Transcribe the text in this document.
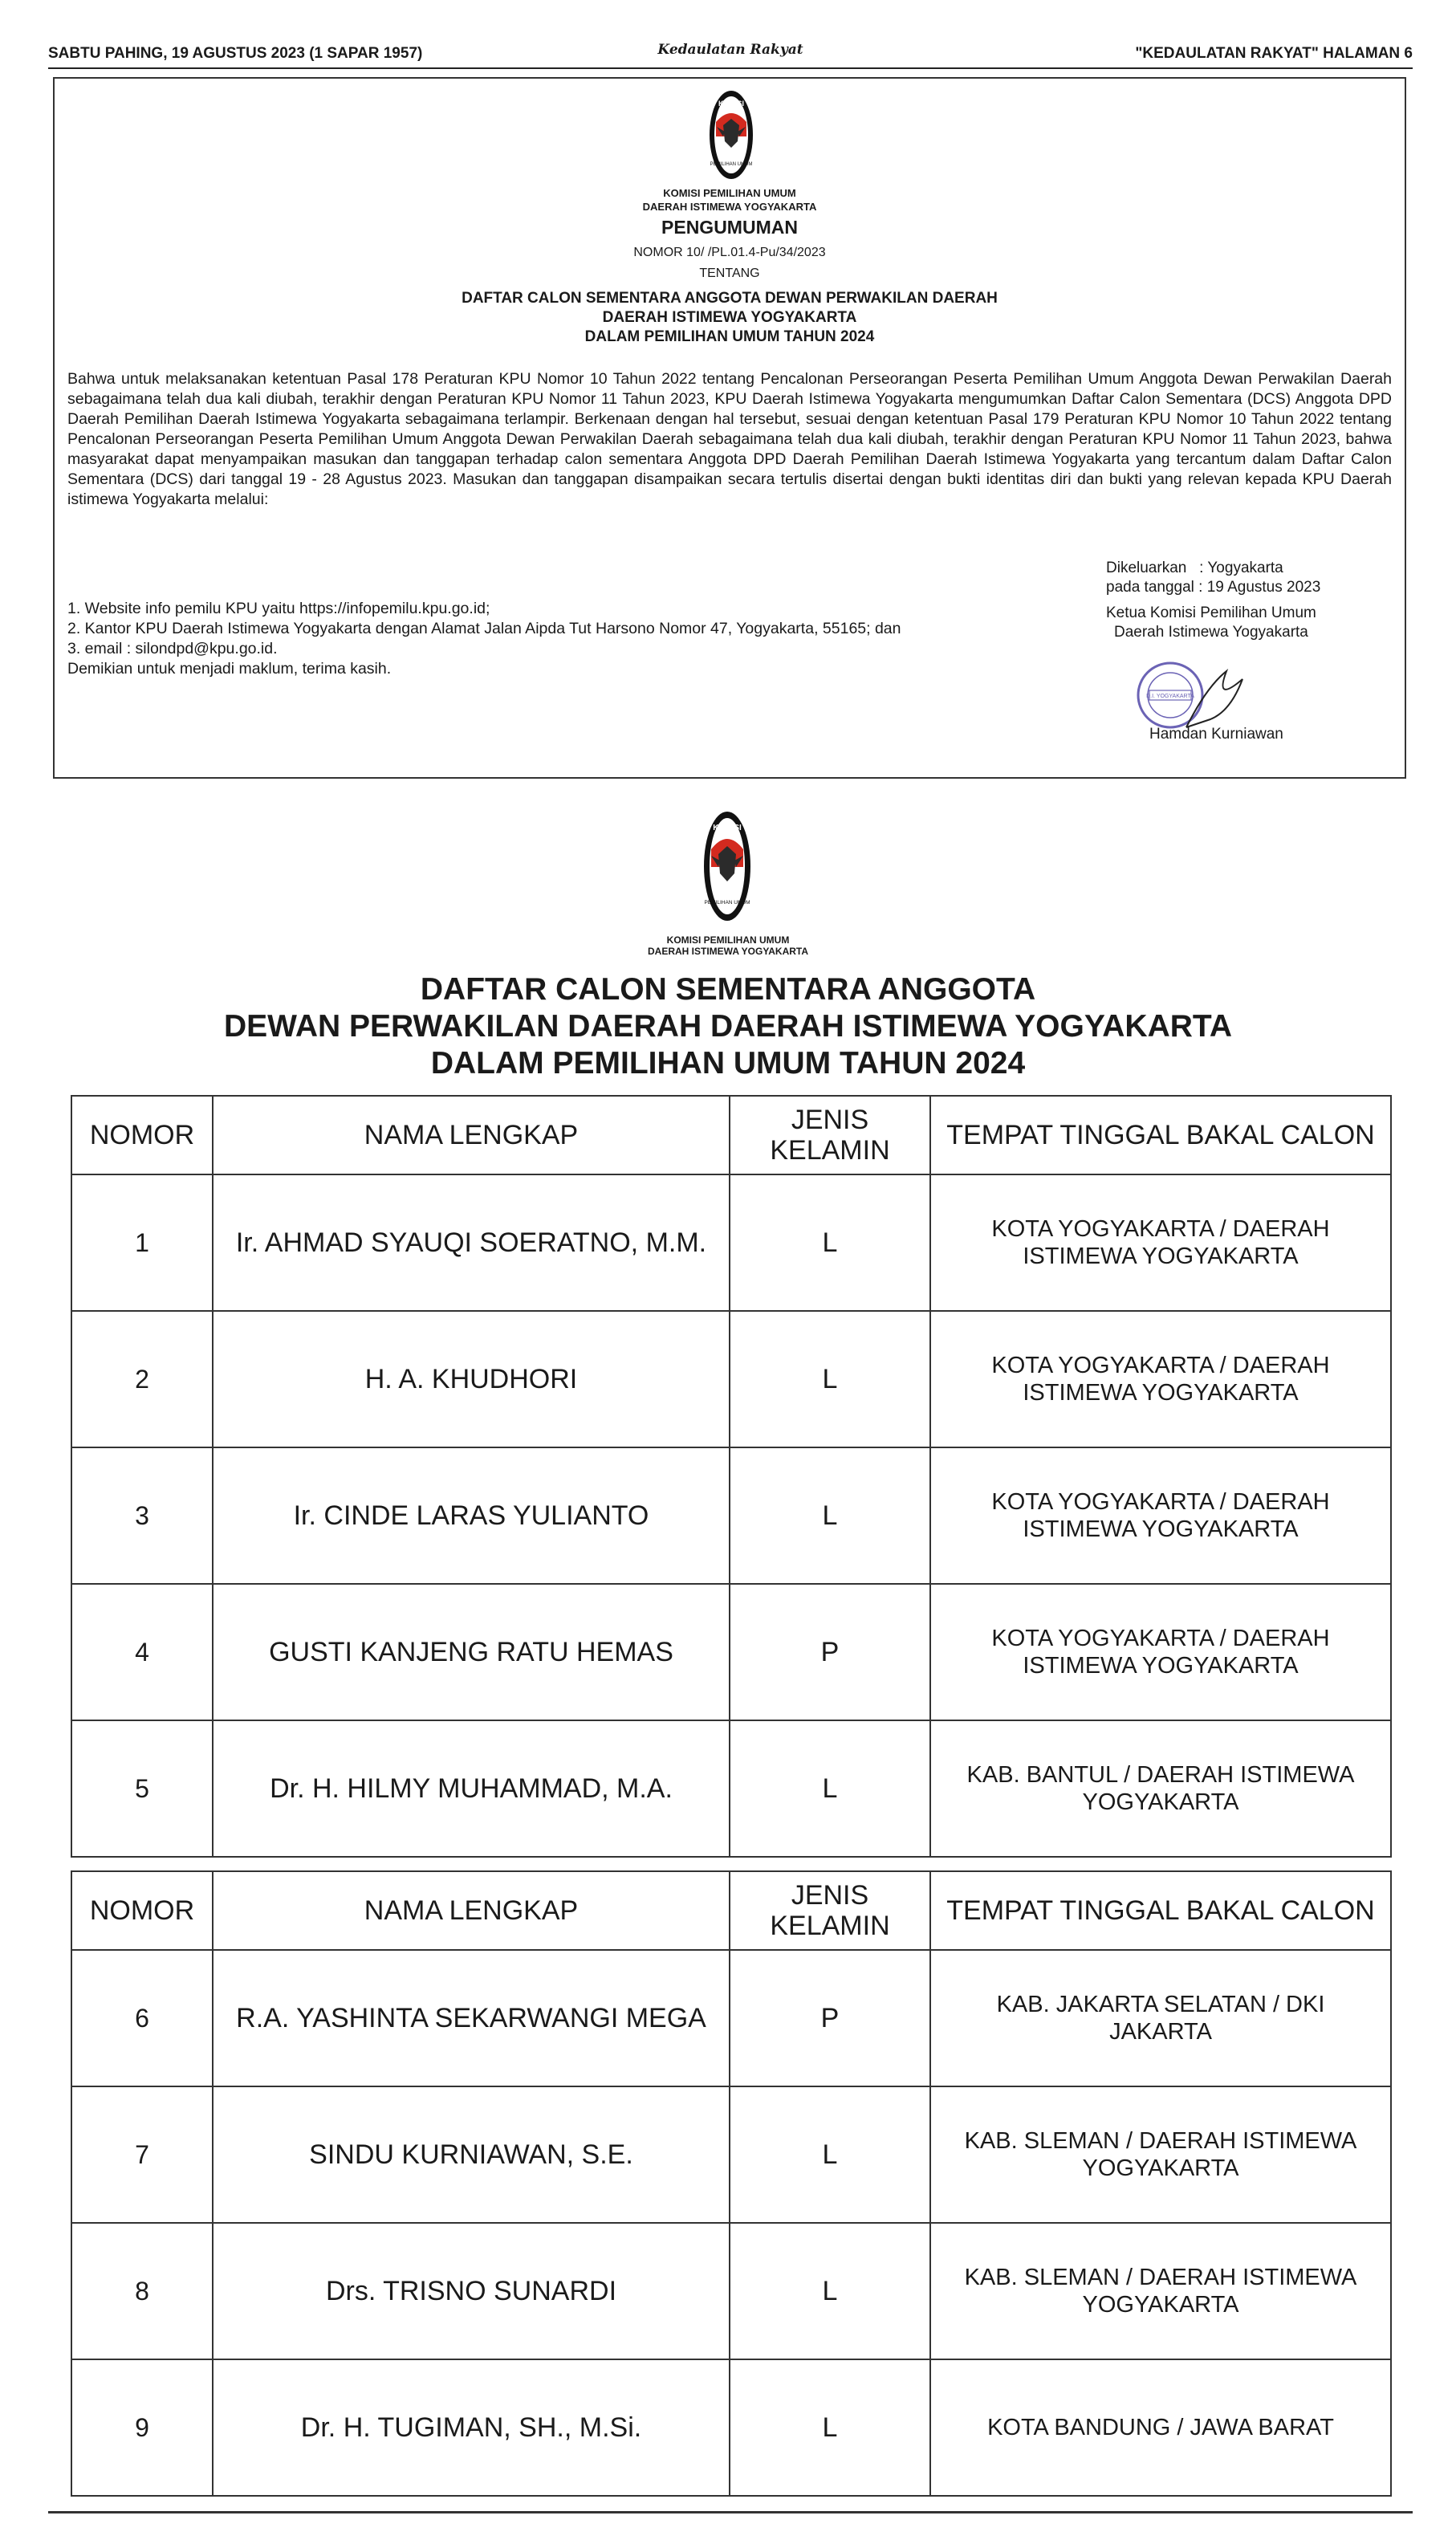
SABTU PAHING, 19 AGUSTUS 2023 (1 SAPAR 1957)	Kedaulatan Rakyat	"KEDAULATAN RAKYAT" HALAMAN 6
KOMISI
PEMILIHAN UMUM
KOMISI PEMILIHAN UMUM
DAERAH ISTIMEWA YOGYAKARTA
PENGUMUMAN
NOMOR 10/ /PL.01.4-Pu/34/2023
TENTANG
DAFTAR CALON SEMENTARA ANGGOTA DEWAN PERWAKILAN DAERAH
DAERAH ISTIMEWA YOGYAKARTA
DALAM PEMILIHAN UMUM TAHUN 2024
Bahwa untuk melaksanakan ketentuan Pasal 178 Peraturan KPU Nomor 10 Tahun 2022 tentang Pencalonan Perseorangan Peserta Pemilihan Umum Anggota Dewan Perwakilan Daerah sebagaimana telah dua kali diubah, terakhir dengan Peraturan KPU Nomor 11 Tahun 2023, KPU Daerah Istimewa Yogyakarta mengumumkan Daftar Calon Sementara (DCS) Anggota DPD Daerah Pemilihan Daerah Istimewa Yogyakarta sebagaimana terlampir. Berkenaan dengan hal tersebut, sesuai dengan ketentuan Pasal 179 Peraturan KPU Nomor 10 Tahun 2022 tentang Pencalonan Perseorangan Peserta Pemilihan Umum Anggota Dewan Perwakilan Daerah sebagaimana telah dua kali diubah, terakhir dengan Peraturan KPU Nomor 11 Tahun 2023, bahwa masyarakat dapat menyampaikan masukan dan tanggapan terhadap calon sementara Anggota DPD Daerah Pemilihan Daerah Istimewa Yogyakarta yang tercantum dalam Daftar Calon Sementara (DCS) dari tanggal 19 - 28 Agustus 2023. Masukan dan tanggapan disampaikan secara tertulis disertai dengan bukti identitas diri dan bukti yang relevan kepada KPU Daerah istimewa Yogyakarta melalui:
1. Website info pemilu KPU yaitu https://infopemilu.kpu.go.id;
2. Kantor KPU Daerah Istimewa Yogyakarta dengan Alamat Jalan Aipda Tut Harsono Nomor 47, Yogyakarta, 55165; dan
3. email : silondpd@kpu.go.id.
Demikian untuk menjadi maklum, terima kasih.
Dikeluarkan   : Yogyakarta
pada tanggal : 19 Agustus 2023
Ketua Komisi Pemilihan Umum
Daerah Istimewa Yogyakarta
D.I. YOGYAKARTA
Hamdan Kurniawan
KOMISI
PEMILIHAN UMUM
KOMISI PEMILIHAN UMUM
DAERAH ISTIMEWA YOGYAKARTA
DAFTAR CALON SEMENTARA ANGGOTA
DEWAN PERWAKILAN DAERAH DAERAH ISTIMEWA YOGYAKARTA
DALAM PEMILIHAN UMUM TAHUN 2024
NOMOR	NAMA LENGKAP	JENIS KELAMIN	TEMPAT TINGGAL BAKAL CALON
1	Ir. AHMAD SYAUQI SOERATNO, M.M.	L	KOTA YOGYAKARTA / DAERAH ISTIMEWA YOGYAKARTA
2	H. A. KHUDHORI	L	KOTA YOGYAKARTA / DAERAH ISTIMEWA YOGYAKARTA
3	Ir. CINDE LARAS YULIANTO	L	KOTA YOGYAKARTA / DAERAH ISTIMEWA YOGYAKARTA
4	GUSTI KANJENG RATU HEMAS	P	KOTA YOGYAKARTA / DAERAH ISTIMEWA YOGYAKARTA
5	Dr. H. HILMY MUHAMMAD, M.A.	L	KAB. BANTUL / DAERAH ISTIMEWA YOGYAKARTA
NOMOR	NAMA LENGKAP	JENIS KELAMIN	TEMPAT TINGGAL BAKAL CALON
6	R.A. YASHINTA SEKARWANGI MEGA	P	KAB. JAKARTA SELATAN / DKI JAKARTA
7	SINDU KURNIAWAN, S.E.	L	KAB. SLEMAN / DAERAH ISTIMEWA YOGYAKARTA
8	Drs. TRISNO SUNARDI	L	KAB. SLEMAN / DAERAH ISTIMEWA YOGYAKARTA
9	Dr. H. TUGIMAN, SH., M.Si.	L	KOTA BANDUNG / JAWA BARAT
